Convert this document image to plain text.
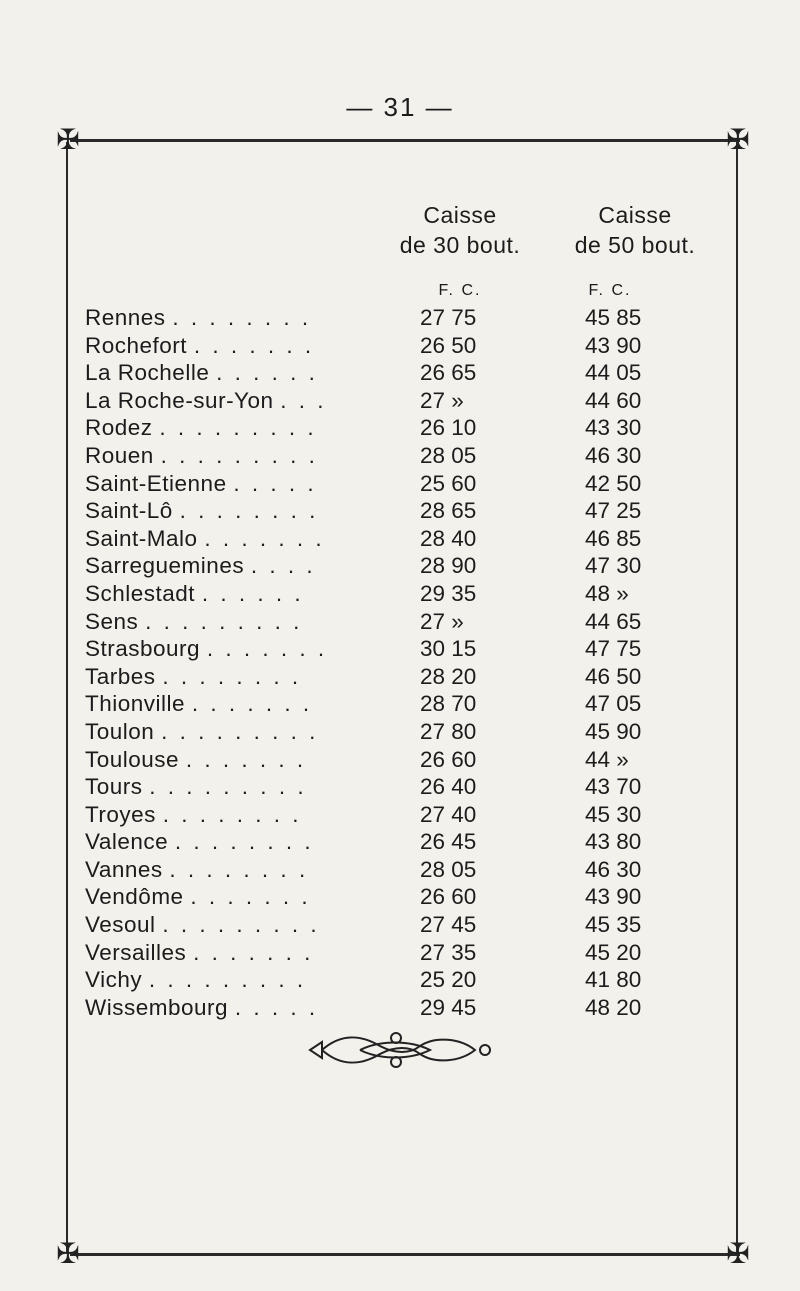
— 31 —
✠	✠
✠	✠
Caisse
de 30 bout.
Caisse
de 50 bout.
F. C.	F. C.
Rennes . . . . . . . .	27 75	45 85
Rochefort . . . . . . .	26 50	43 90
La Rochelle . . . . . .	26 65	44 05
La Roche-sur-Yon . . .	27 »	44 60
Rodez . . . . . . . . .	26 10	43 30
Rouen . . . . . . . . .	28 05	46 30
Saint-Etienne . . . . .	25 60	42 50
Saint-Lô . . . . . . . .	28 65	47 25
Saint-Malo . . . . . . .	28 40	46 85
Sarreguemines . . . .	28 90	47 30
Schlestadt . . . . . .	29 35	48 »
Sens . . . . . . . . .	27 »	44 65
Strasbourg . . . . . . .	30 15	47 75
Tarbes . . . . . . . .	28 20	46 50
Thionville . . . . . . .	28 70	47 05
Toulon . . . . . . . . .	27 80	45 90
Toulouse . . . . . . .	26 60	44 »
Tours . . . . . . . . .	26 40	43 70
Troyes . . . . . . . .	27 40	45 30
Valence . . . . . . . .	26 45	43 80
Vannes . . . . . . . .	28 05	46 30
Vendôme . . . . . . .	26 60	43 90
Vesoul . . . . . . . . .	27 45	45 35
Versailles . . . . . . .	27 35	45 20
Vichy . . . . . . . . .	25 20	41 80
Wissembourg . . . . .	29 45	48 20
